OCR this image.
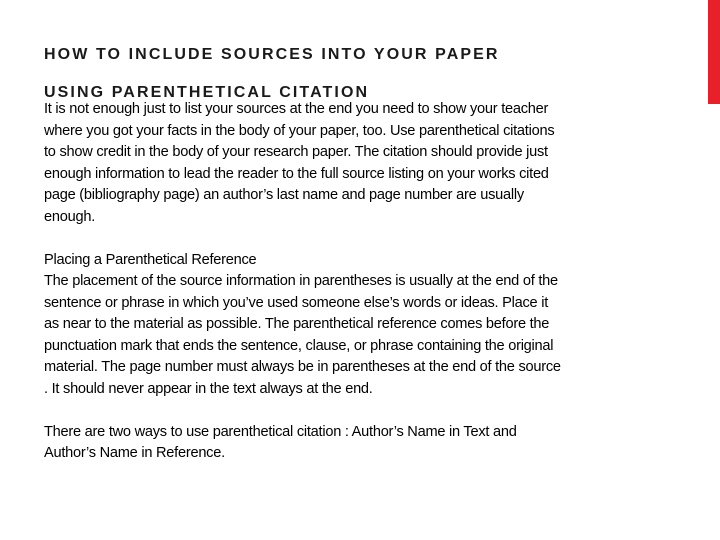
HOW TO INCLUDE SOURCES INTO YOUR PAPER
USING PARENTHETICAL CITATION
It is not enough just to list your sources at the end you need to show your teacher
where you got your facts in the body of your paper, too. Use parenthetical citations
to show credit in the body of your research paper. The citation should provide just
enough information to lead the reader to the full source listing on your works cited
page (bibliography page) an author’s last name and page number are usually
enough.
Placing a Parenthetical Reference
The placement of the source information in parentheses is usually at the end of the
sentence or phrase in which you’ve used someone else’s words or ideas. Place it
as near to the material as possible. The parenthetical reference comes before the
punctuation mark that ends the sentence, clause, or phrase containing the original
material. The page number must always be in parentheses at the end of the source
. It should never appear in the text always at the end.
There are two ways to use parenthetical citation : Author’s Name in Text and
Author’s Name in Reference.
